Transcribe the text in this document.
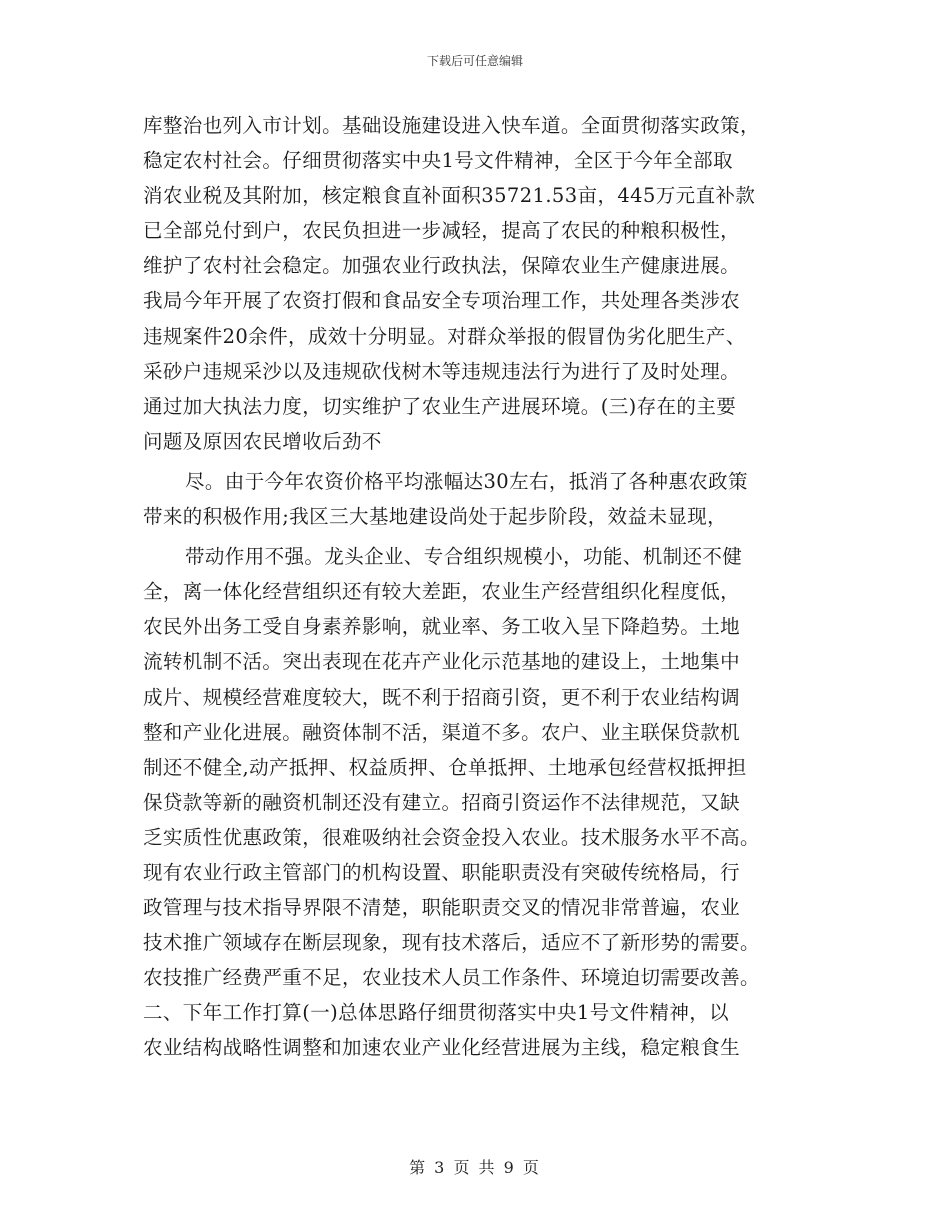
下载后可任意编辑
库整治也列入市计划。基础设施建设进入快车道。全面贯彻落实政策，
稳定农村社会。仔细贯彻落实中央1号文件精神，全区于今年全部取
消农业税及其附加，核定粮食直补面积35721.53亩，445万元直补款
已全部兑付到户，农民负担进一步减轻，提高了农民的种粮积极性，
维护了农村社会稳定。加强农业行政执法，保障农业生产健康进展。
我局今年开展了农资打假和食品安全专项治理工作，共处理各类涉农
违规案件20余件，成效十分明显。对群众举报的假冒伪劣化肥生产、
采砂户违规采沙以及违规砍伐树木等违规违法行为进行了及时处理。
通过加大执法力度，切实维护了农业生产进展环境。(三)存在的主要
问题及原因农民增收后劲不
尽。由于今年农资价格平均涨幅达30左右，抵消了各种惠农政策
带来的积极作用;我区三大基地建设尚处于起步阶段，效益未显现，
带动作用不强。龙头企业、专合组织规模小，功能、机制还不健
全，离一体化经营组织还有较大差距，农业生产经营组织化程度低，
农民外出务工受自身素养影响，就业率、务工收入呈下降趋势。土地
流转机制不活。突出表现在花卉产业化示范基地的建设上，土地集中
成片、规模经营难度较大，既不利于招商引资，更不利于农业结构调
整和产业化进展。融资体制不活，渠道不多。农户、业主联保贷款机
制还不健全,动产抵押、权益质押、仓单抵押、土地承包经营权抵押担
保贷款等新的融资机制还没有建立。招商引资运作不法律规范，又缺
乏实质性优惠政策，很难吸纳社会资金投入农业。技术服务水平不高。
现有农业行政主管部门的机构设置、职能职责没有突破传统格局，行
政管理与技术指导界限不清楚，职能职责交叉的情况非常普遍，农业
技术推广领域存在断层现象，现有技术落后，适应不了新形势的需要。
农技推广经费严重不足，农业技术人员工作条件、环境迫切需要改善。
二、下年工作打算(一)总体思路仔细贯彻落实中央1号文件精神，以
农业结构战略性调整和加速农业产业化经营进展为主线，稳定粮食生
第 3 页 共 9 页
